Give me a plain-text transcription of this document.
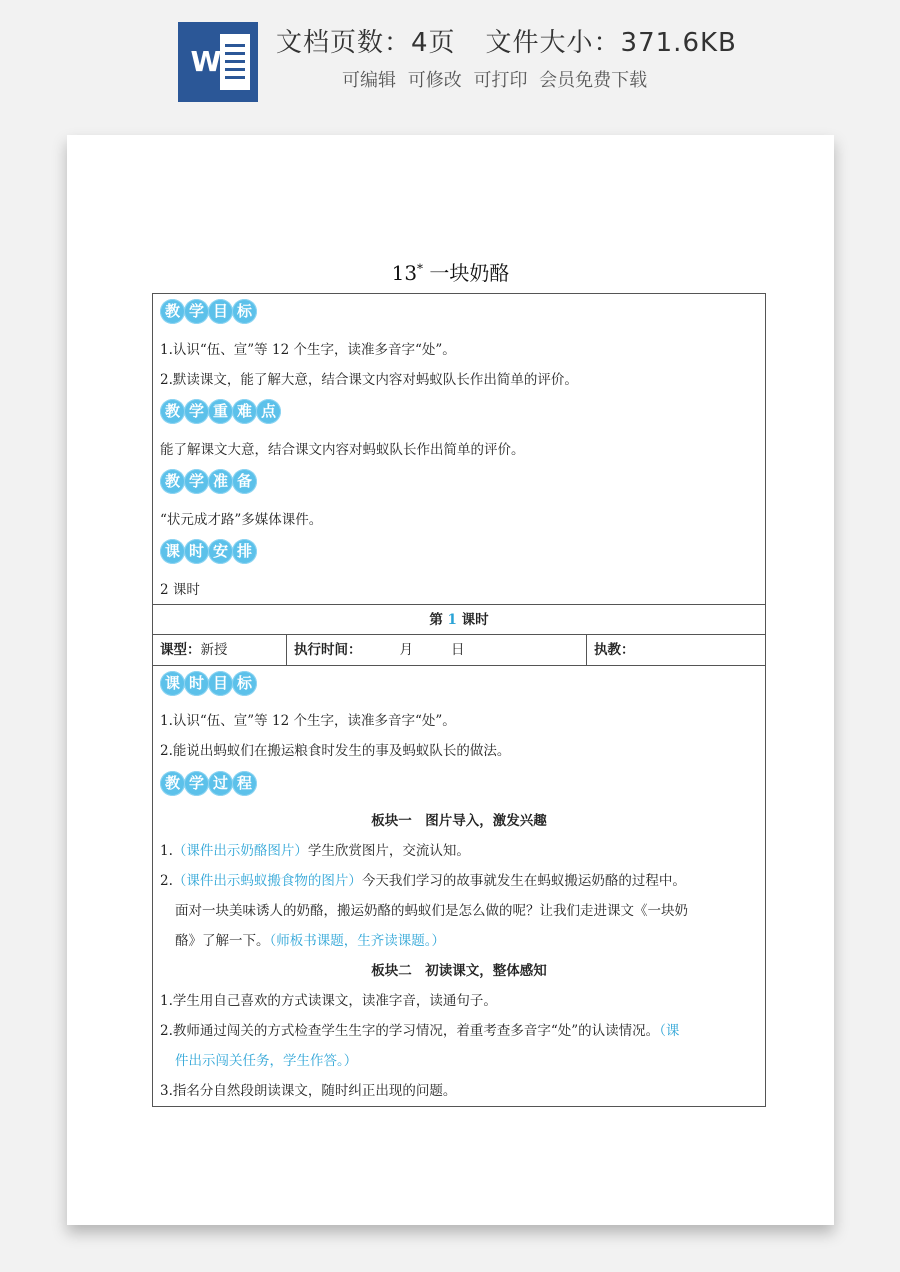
W
文档页数：4页 文件大小：371.6KB
可编辑 可修改 可打印 会员免费下载
13* 一块奶酪
教 学 目 标
1.认识“伍、宣”等 12 个生字，读准多音字“处”。
2.默读课文，能了解大意，结合课文内容对蚂蚁队长作出简单的评价。
教 学 重 难 点
能了解课文大意，结合课文内容对蚂蚁队长作出简单的评价。
教 学 准 备
“状元成才路”多媒体课件。
课 时 安 排
2 课时
第 1 课时
课型：新授	执行时间：	月	日	执教：
课 时 目 标
1.认识“伍、宣”等 12 个生字，读准多音字“处”。
2.能说出蚂蚁们在搬运粮食时发生的事及蚂蚁队长的做法。
教 学 过 程
板块一　图片导入，激发兴趣
1.（课件出示奶酪图片）学生欣赏图片，交流认知。
2.（课件出示蚂蚁搬食物的图片）今天我们学习的故事就发生在蚂蚁搬运奶酪的过程中。
面对一块美味诱人的奶酪，搬运奶酪的蚂蚁们是怎么做的呢？让我们走进课文《一块奶
酪》了解一下。（师板书课题，生齐读课题。）
板块二　初读课文，整体感知
1.学生用自己喜欢的方式读课文，读准字音，读通句子。
2.教师通过闯关的方式检查学生生字的学习情况，着重考查多音字“处”的认读情况。（课
件出示闯关任务，学生作答。）
3.指名分自然段朗读课文，随时纠正出现的问题。
